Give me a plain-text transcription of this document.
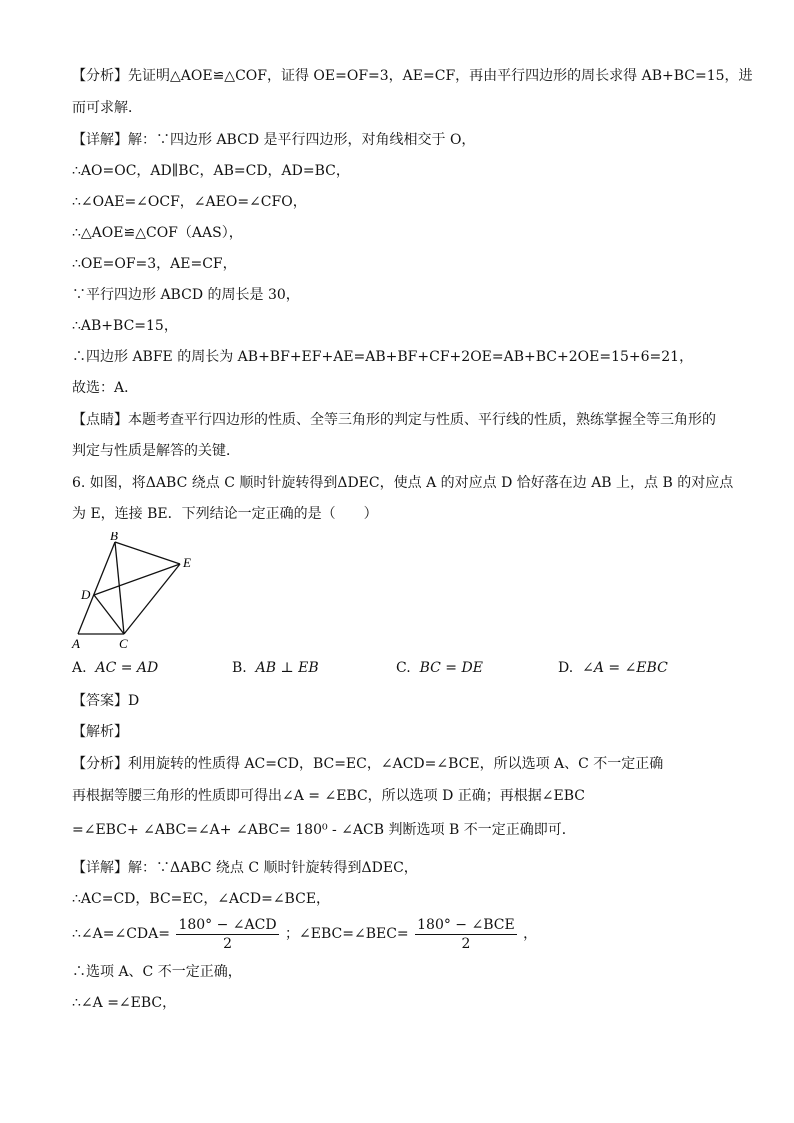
【分析】先证明△AOE≌△COF，证得 OE=OF=3，AE=CF，再由平行四边形的周长求得 AB+BC=15，进
而可求解．
【详解】解：∵四边形 ABCD 是平行四边形，对角线相交于 O，
∴AO=OC，AD∥BC，AB=CD，AD=BC，
∴∠OAE=∠OCF，∠AEO=∠CFO，
∴△AOE≌△COF（AAS），
∴OE=OF=3，AE=CF，
∵平行四边形 ABCD 的周长是 30，
∴AB+BC=15，
∴四边形 ABFE 的周长为 AB+BF+EF+AE=AB+BF+CF+2OE=AB+BC+2OE=15+6=21，
故选：A．
【点睛】本题考查平行四边形的性质、全等三角形的判定与性质、平行线的性质，熟练掌握全等三角形的
判定与性质是解答的关键．
6. 如图，将ΔABC 绕点 C 顺时针旋转得到ΔDEC，使点 A 的对应点 D 恰好落在边 AB 上，点 B 的对应点
为 E，连接 BE．下列结论一定正确的是（　　）
B
E
D
A	C
A. AC = AD	B. AB ⊥ EB	C. BC = DE	D. ∠A = ∠EBC
【答案】D
【解析】
【分析】利用旋转的性质得 AC=CD，BC=EC，∠ACD=∠BCE，所以选项 A、C 不一定正确
再根据等腰三角形的性质即可得出∠A = ∠EBC，所以选项 D 正确；再根据∠EBC
=∠EBC+ ∠ABC=∠A+ ∠ABC= 180⁰ - ∠ACB 判断选项 B 不一定正确即可．
【详解】解：∵ΔABC 绕点 C 顺时针旋转得到ΔDEC，
∴AC=CD，BC=EC，∠ACD=∠BCE，
∴∠A=∠CDA= $\frac{\text{180° − ∠ACD}}{2}$ ；∠EBC=∠BEC= $\frac{\text{180° − ∠BCE}}{2}$ ，
∴选项 A、C 不一定正确，
∴∠A =∠EBC，
